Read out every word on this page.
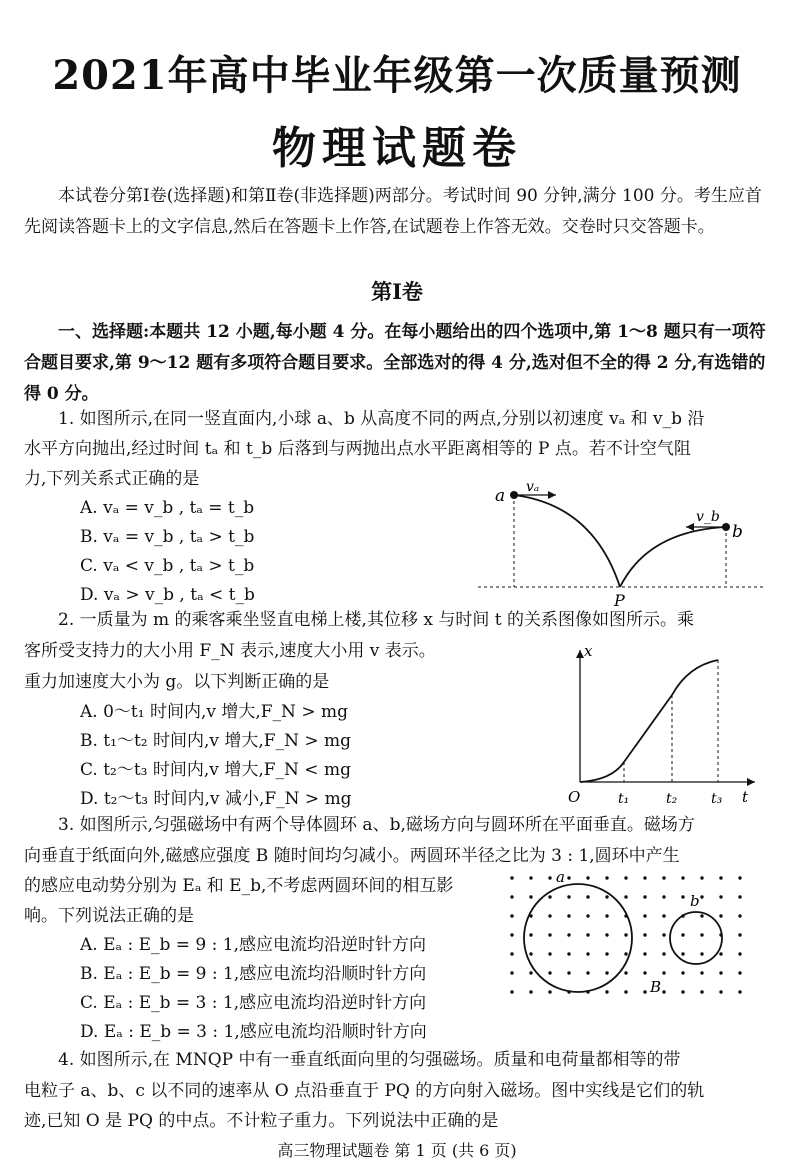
2021年高中毕业年级第一次质量预测
物理试题卷
本试卷分第Ⅰ卷(选择题)和第Ⅱ卷(非选择题)两部分。考试时间 90 分钟,满分 100 分。考生应首先阅读答题卡上的文字信息,然后在答题卡上作答,在试题卷上作答无效。交卷时只交答题卡。
第Ⅰ卷
一、选择题:本题共 12 小题,每小题 4 分。在每小题给出的四个选项中,第 1～8 题只有一项符合题目要求,第 9～12 题有多项符合题目要求。全部选对的得 4 分,选对但不全的得 2 分,有选错的得 0 分。
1. 如图所示,在同一竖直面内,小球 a、b 从高度不同的两点,分别以初速度 vₐ 和 v_b 沿
水平方向抛出,经过时间 tₐ 和 t_b 后落到与两抛出点水平距离相等的 P 点。若不计空气阻
力,下列关系式正确的是
A. vₐ = v_b , tₐ = t_b
B. vₐ = v_b , tₐ > t_b
C. vₐ < v_b , tₐ > t_b
D. vₐ > v_b , tₐ < t_b
a vₐ
v_b
b
P
2. 一质量为 m 的乘客乘坐竖直电梯上楼,其位移 x 与时间 t 的关系图像如图所示。乘
客所受支持力的大小用 F_N 表示,速度大小用 v 表示。
重力加速度大小为 g。以下判断正确的是
A. 0～t₁ 时间内,v 增大,F_N > mg
B. t₁～t₂ 时间内,v 增大,F_N > mg
C. t₂～t₃ 时间内,v 增大,F_N < mg
D. t₂～t₃ 时间内,v 减小,F_N > mg
x
t
O	t₁	t₂ t₃
3. 如图所示,匀强磁场中有两个导体圆环 a、b,磁场方向与圆环所在平面垂直。磁场方
向垂直于纸面向外,磁感应强度 B 随时间均匀减小。两圆环半径之比为 3 : 1,圆环中产生
的感应电动势分别为 Eₐ 和 E_b,不考虑两圆环间的相互影
响。下列说法正确的是
A. Eₐ : E_b = 9 : 1,感应电流均沿逆时针方向
B. Eₐ : E_b = 9 : 1,感应电流均沿顺时针方向
C. Eₐ : E_b = 3 : 1,感应电流均沿逆时针方向
D. Eₐ : E_b = 3 : 1,感应电流均沿顺时针方向
a
b
B
4. 如图所示,在 MNQP 中有一垂直纸面向里的匀强磁场。质量和电荷量都相等的带
电粒子 a、b、c 以不同的速率从 O 点沿垂直于 PQ 的方向射入磁场。图中实线是它们的轨
迹,已知 O 是 PQ 的中点。不计粒子重力。下列说法中正确的是
高三物理试题卷 第 1 页 (共 6 页)
